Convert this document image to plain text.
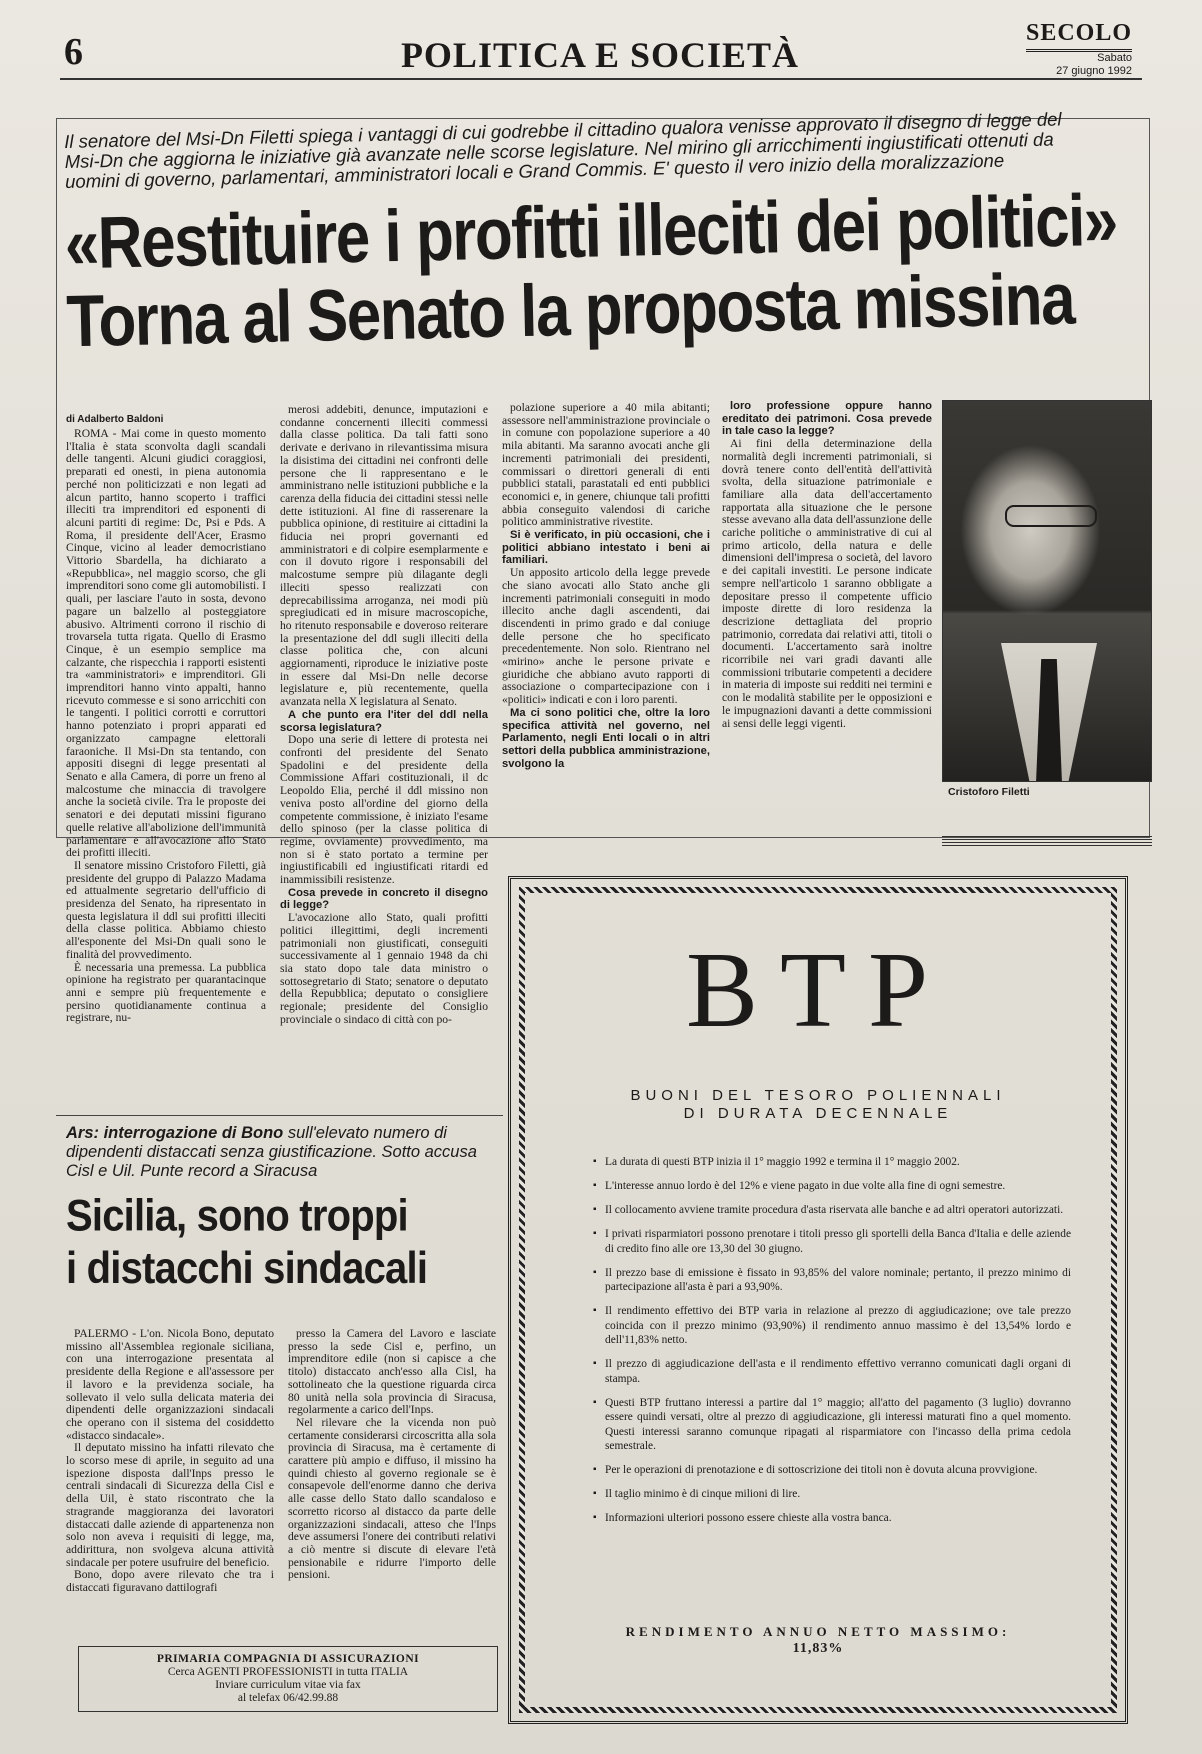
6	POLITICA E SOCIETÀ
SECOLO
Sabato
27 giugno 1992
Il senatore del Msi-Dn Filetti spiega i vantaggi di cui godrebbe il cittadino qualora venisse approvato il disegno di legge del Msi-Dn che aggiorna le iniziative già avanzate nelle scorse legislature. Nel mirino gli arricchimenti ingiustificati ottenuti da uomini di governo, parlamentari, amministratori locali e Grand Commis. E' questo il vero inizio della moralizzazione
«Restituire i profitti illeciti dei politici»
Torna al Senato la proposta missina
di Adalberto Baldoni

ROMA - Mai come in questo momento l'Italia è stata sconvolta dagli scandali delle tangenti. Alcuni giudici coraggiosi, preparati ed onesti, in piena autonomia perché non politicizzati e non legati ad alcun partito, hanno scoperto i traffici illeciti tra imprenditori ed esponenti di alcuni partiti di regime: Dc, Psi e Pds. A Roma, il presidente dell'Acer, Erasmo Cinque, vicino al leader democristiano Vittorio Sbardella, ha dichiarato a «Repubblica», nel maggio scorso, che gli imprenditori sono come gli automobilisti. I quali, per lasciare l'auto in sosta, devono pagare un balzello al posteggiatore abusivo. Altrimenti corrono il rischio di trovarsela tutta rigata. Quello di Erasmo Cinque, è un esempio semplice ma calzante, che rispecchia i rapporti esistenti tra «amministratori» e imprenditori. Gli imprenditori hanno vinto appalti, hanno ricevuto commesse e si sono arricchiti con le tangenti. I politici corrotti e corruttori hanno potenziato i propri apparati ed organizzato campagne elettorali faraoniche. Il Msi-Dn sta tentando, con appositi disegni di legge presentati al Senato e alla Camera, di porre un freno al malcostume che minaccia di travolgere anche la società civile. Tra le proposte dei senatori e dei deputati missini figurano quelle relative all'abolizione dell'immunità parlamentare e all'avocazione allo Stato dei profitti illeciti.

Il senatore missino Cristoforo Filetti, già presidente del gruppo di Palazzo Madama ed attualmente segretario dell'ufficio di presidenza del Senato, ha ripresentato in questa legislatura il ddl sui profitti illeciti della classe politica. Abbiamo chiesto all'esponente del Msi-Dn quali sono le finalità del provvedimento.

È necessaria una premessa. La pubblica opinione ha registrato per quarantacinque anni e sempre più frequentemente e persino quotidianamente continua a registrare, nu-

merosi addebiti, denunce, imputazioni e condanne concernenti illeciti commessi dalla classe politica. Da tali fatti sono derivate e derivano in rilevantissima misura la disistima dei cittadini nei confronti delle persone che li rappresentano e le amministrano nelle istituzioni pubbliche e la carenza della fiducia dei cittadini stessi nelle dette istituzioni. Al fine di rasserenare la pubblica opinione, di restituire ai cittadini la fiducia nei propri governanti ed amministratori e di colpire esemplarmente e con il dovuto rigore i responsabili del malcostume sempre più dilagante degli illeciti spesso realizzati con deprecabilissima arroganza, nei modi più spregiudicati ed in misure macroscopiche, ho ritenuto responsabile e doveroso reiterare la presentazione del ddl sugli illeciti della classe politica che, con alcuni aggiornamenti, riproduce le iniziative poste in essere dal Msi-Dn nelle decorse legislature e, più recentemente, quella avanzata nella X legislatura al Senato.

A che punto era l'iter del ddl nella scorsa legislatura?

Dopo una serie di lettere di protesta nei confronti del presidente del Senato Spadolini e del presidente della Commissione Affari costituzionali, il dc Leopoldo Elia, perché il ddl missino non veniva posto all'ordine del giorno della competente commissione, è iniziato l'esame dello spinoso (per la classe politica di regime, ovviamente) provvedimento, ma non si è stato portato a termine per ingiustificabili ed ingiustificati ritardi ed inammissibili resistenze.

Cosa prevede in concreto il disegno di legge?

L'avocazione allo Stato, quali profitti politici illegittimi, degli incrementi patrimoniali non giustificati, conseguiti successivamente al 1 gennaio 1948 da chi sia stato dopo tale data ministro o sottosegretario di Stato; senatore o deputato della Repubblica; deputato o consigliere regionale; presidente del Consiglio provinciale o sindaco di città con po-

polazione superiore a 40 mila abitanti; assessore nell'amministrazione provinciale o in comune con popolazione superiore a 40 mila abitanti. Ma saranno avocati anche gli incrementi patrimoniali dei presidenti, commissari o direttori generali di enti pubblici statali, parastatali ed enti pubblici economici e, in genere, chiunque tali profitti abbia conseguito valendosi di cariche politico amministrative rivestite.

Si è verificato, in più occasioni, che i politici abbiano intestato i beni ai familiari.

Un apposito articolo della legge prevede che siano avocati allo Stato anche gli incrementi patrimoniali conseguiti in modo illecito anche dagli ascendenti, dai discendenti in primo grado e dal coniuge delle persone che ho specificato precedentemente. Non solo. Rientrano nel «mirino» anche le persone private e giuridiche che abbiano avuto rapporti di associazione o compartecipazione con i «politici» indicati e con i loro parenti.

Ma ci sono politici che, oltre la loro specifica attività nel governo, nel Parlamento, negli Enti locali o in altri settori della pubblica amministrazione, svolgono la
loro professione oppure hanno ereditato dei patrimoni. Cosa prevede in tale caso la legge?

Ai fini della determinazione della normalità degli incrementi patrimoniali, si dovrà tenere conto dell'entità dell'attività svolta, della situazione patrimoniale e familiare alla data dell'accertamento rapportata alla situazione che le persone stesse avevano alla data dell'assunzione delle cariche politiche o amministrative di cui al primo articolo, della natura e delle dimensioni dell'impresa o società, del lavoro e dei capitali investiti. Le persone indicate sempre nell'articolo 1 saranno obbligate a depositare presso il competente ufficio imposte dirette di loro residenza la descrizione dettagliata del proprio patrimonio, corredata dai relativi atti, titoli o documenti. L'accertamento sarà inoltre ricorribile nei vari gradi davanti alle commissioni tributarie competenti a decidere in materia di imposte sui redditi nei termini e con le modalità stabilite per le opposizioni e le impugnazioni davanti a dette commissioni ai sensi delle leggi vigenti.

Cristoforo Filetti
Ars: interrogazione di Bono sull'elevato numero di dipendenti distaccati senza giustificazione. Sotto accusa Cisl e Uil. Punte record a Siracusa
Sicilia, sono troppi
i distacchi sindacali

PALERMO - L'on. Nicola Bono, deputato missino all'Assemblea regionale siciliana, con una interrogazione presentata al presidente della Regione e all'assessore per il lavoro e la previdenza sociale, ha sollevato il velo sulla delicata materia dei dipendenti delle organizzazioni sindacali che operano con il sistema del cosiddetto «distacco sindacale».

Il deputato missino ha infatti rilevato che lo scorso mese di aprile, in seguito ad una ispezione disposta dall'Inps presso le centrali sindacali di Sicurezza della Cisl e della Uil, è stato riscontrato che la stragrande maggioranza dei lavoratori distaccati dalle aziende di appartenenza non solo non aveva i requisiti di legge, ma, addirittura, non svolgeva alcuna attività sindacale per potere usufruire del beneficio.

Bono, dopo avere rilevato che tra i distaccati figuravano dattilografi

presso la Camera del Lavoro e lasciate presso la sede Cisl e, perfino, un imprenditore edile (non si capisce a che titolo) distaccato anch'esso alla Cisl, ha sottolineato che la questione riguarda circa 80 unità nella sola provincia di Siracusa, regolarmente a carico dell'Inps.

Nel rilevare che la vicenda non può certamente considerarsi circoscritta alla sola provincia di Siracusa, ma è certamente di carattere più ampio e diffuso, il missino ha quindi chiesto al governo regionale se è consapevole dell'enorme danno che deriva alle casse dello Stato dallo scandaloso e scorretto ricorso al distacco da parte delle organizzazioni sindacali, atteso che l'Inps deve assumersi l'onere dei contributi relativi a ciò mentre si discute di elevare l'età pensionabile e ridurre l'importo delle pensioni.

PRIMARIA COMPAGNIA DI ASSICURAZIONI
Cerca AGENTI PROFESSIONISTI in tutta ITALIA
Inviare curriculum vitae via fax
al telefax 06/42.99.88
BTP
BUONI DEL TESORO POLIENNALI
DI DURATA DECENNALE
▪ La durata di questi BTP inizia il 1° maggio 1992 e termina il 1° maggio 2002.
▪ L'interesse annuo lordo è del 12% e viene pagato in due volte alla fine di ogni semestre.
▪ Il collocamento avviene tramite procedura d'asta riservata alle banche e ad altri operatori autorizzati.
▪ I privati risparmiatori possono prenotare i titoli presso gli sportelli della Banca d'Italia e delle aziende di credito fino alle ore 13,30 del 30 giugno.
▪ Il prezzo base di emissione è fissato in 93,85% del valore nominale; pertanto, il prezzo minimo di partecipazione all'asta è pari a 93,90%.
▪ Il rendimento effettivo dei BTP varia in relazione al prezzo di aggiudicazione; ove tale prezzo coincida con il prezzo minimo (93,90%) il rendimento annuo massimo è del 13,54% lordo e dell'11,83% netto.
▪ Il prezzo di aggiudicazione dell'asta e il rendimento effettivo verranno comunicati dagli organi di stampa.
▪ Questi BTP fruttano interessi a partire dal 1° maggio; all'atto del pagamento (3 luglio) dovranno essere quindi versati, oltre al prezzo di aggiudicazione, gli interessi maturati fino a quel momento. Questi interessi saranno comunque ripagati al risparmiatore con l'incasso della prima cedola semestrale.
▪ Per le operazioni di prenotazione e di sottoscrizione dei titoli non è dovuta alcuna provvigione.
▪ Il taglio minimo è di cinque milioni di lire.
▪ Informazioni ulteriori possono essere chieste alla vostra banca.
RENDIMENTO ANNUO NETTO MASSIMO:
11,83%
